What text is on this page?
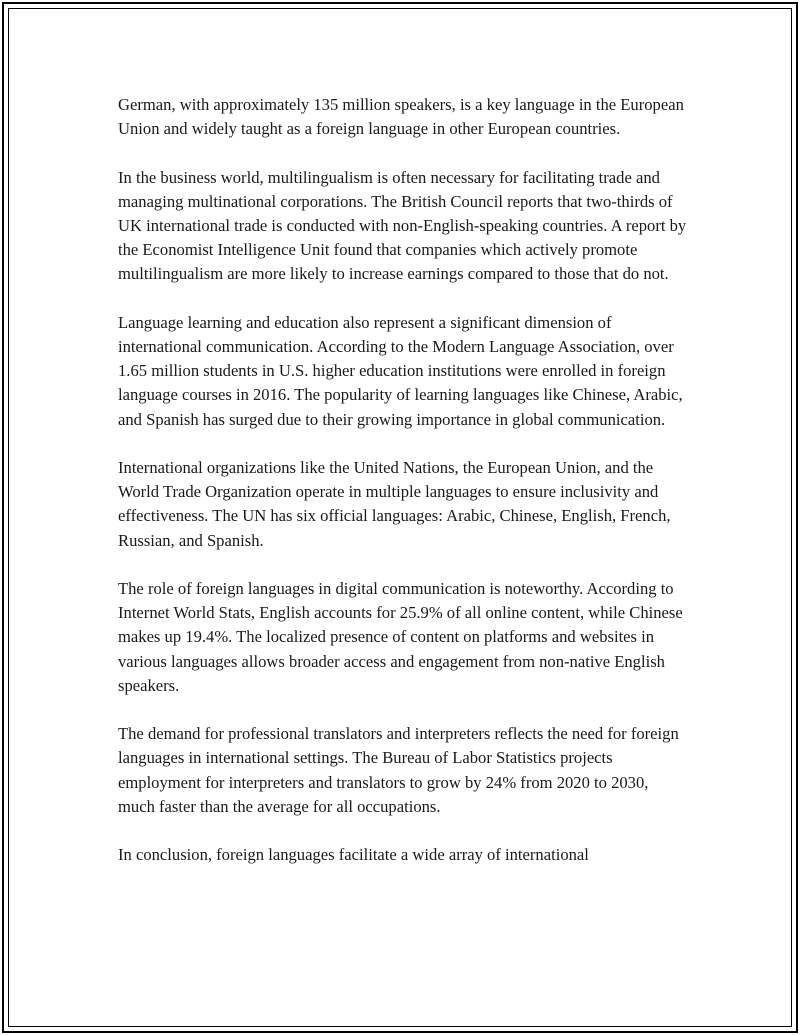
German, with approximately 135 million speakers, is a key language in the European Union and widely taught as a foreign language in other European countries.

In the business world, multilingualism is often necessary for facilitating trade and managing multinational corporations. The British Council reports that two-thirds of UK international trade is conducted with non-English-speaking countries. A report by the Economist Intelligence Unit found that companies which actively promote multilingualism are more likely to increase earnings compared to those that do not.

Language learning and education also represent a significant dimension of international communication. According to the Modern Language Association, over 1.65 million students in U.S. higher education institutions were enrolled in foreign language courses in 2016. The popularity of learning languages like Chinese, Arabic, and Spanish has surged due to their growing importance in global communication.

International organizations like the United Nations, the European Union, and the World Trade Organization operate in multiple languages to ensure inclusivity and effectiveness. The UN has six official languages: Arabic, Chinese, English, French, Russian, and Spanish.

The role of foreign languages in digital communication is noteworthy. According to Internet World Stats, English accounts for 25.9% of all online content, while Chinese makes up 19.4%. The localized presence of content on platforms and websites in various languages allows broader access and engagement from non-native English speakers.

The demand for professional translators and interpreters reflects the need for foreign languages in international settings. The Bureau of Labor Statistics projects employment for interpreters and translators to grow by 24% from 2020 to 2030, much faster than the average for all occupations.

In conclusion, foreign languages facilitate a wide array of international
